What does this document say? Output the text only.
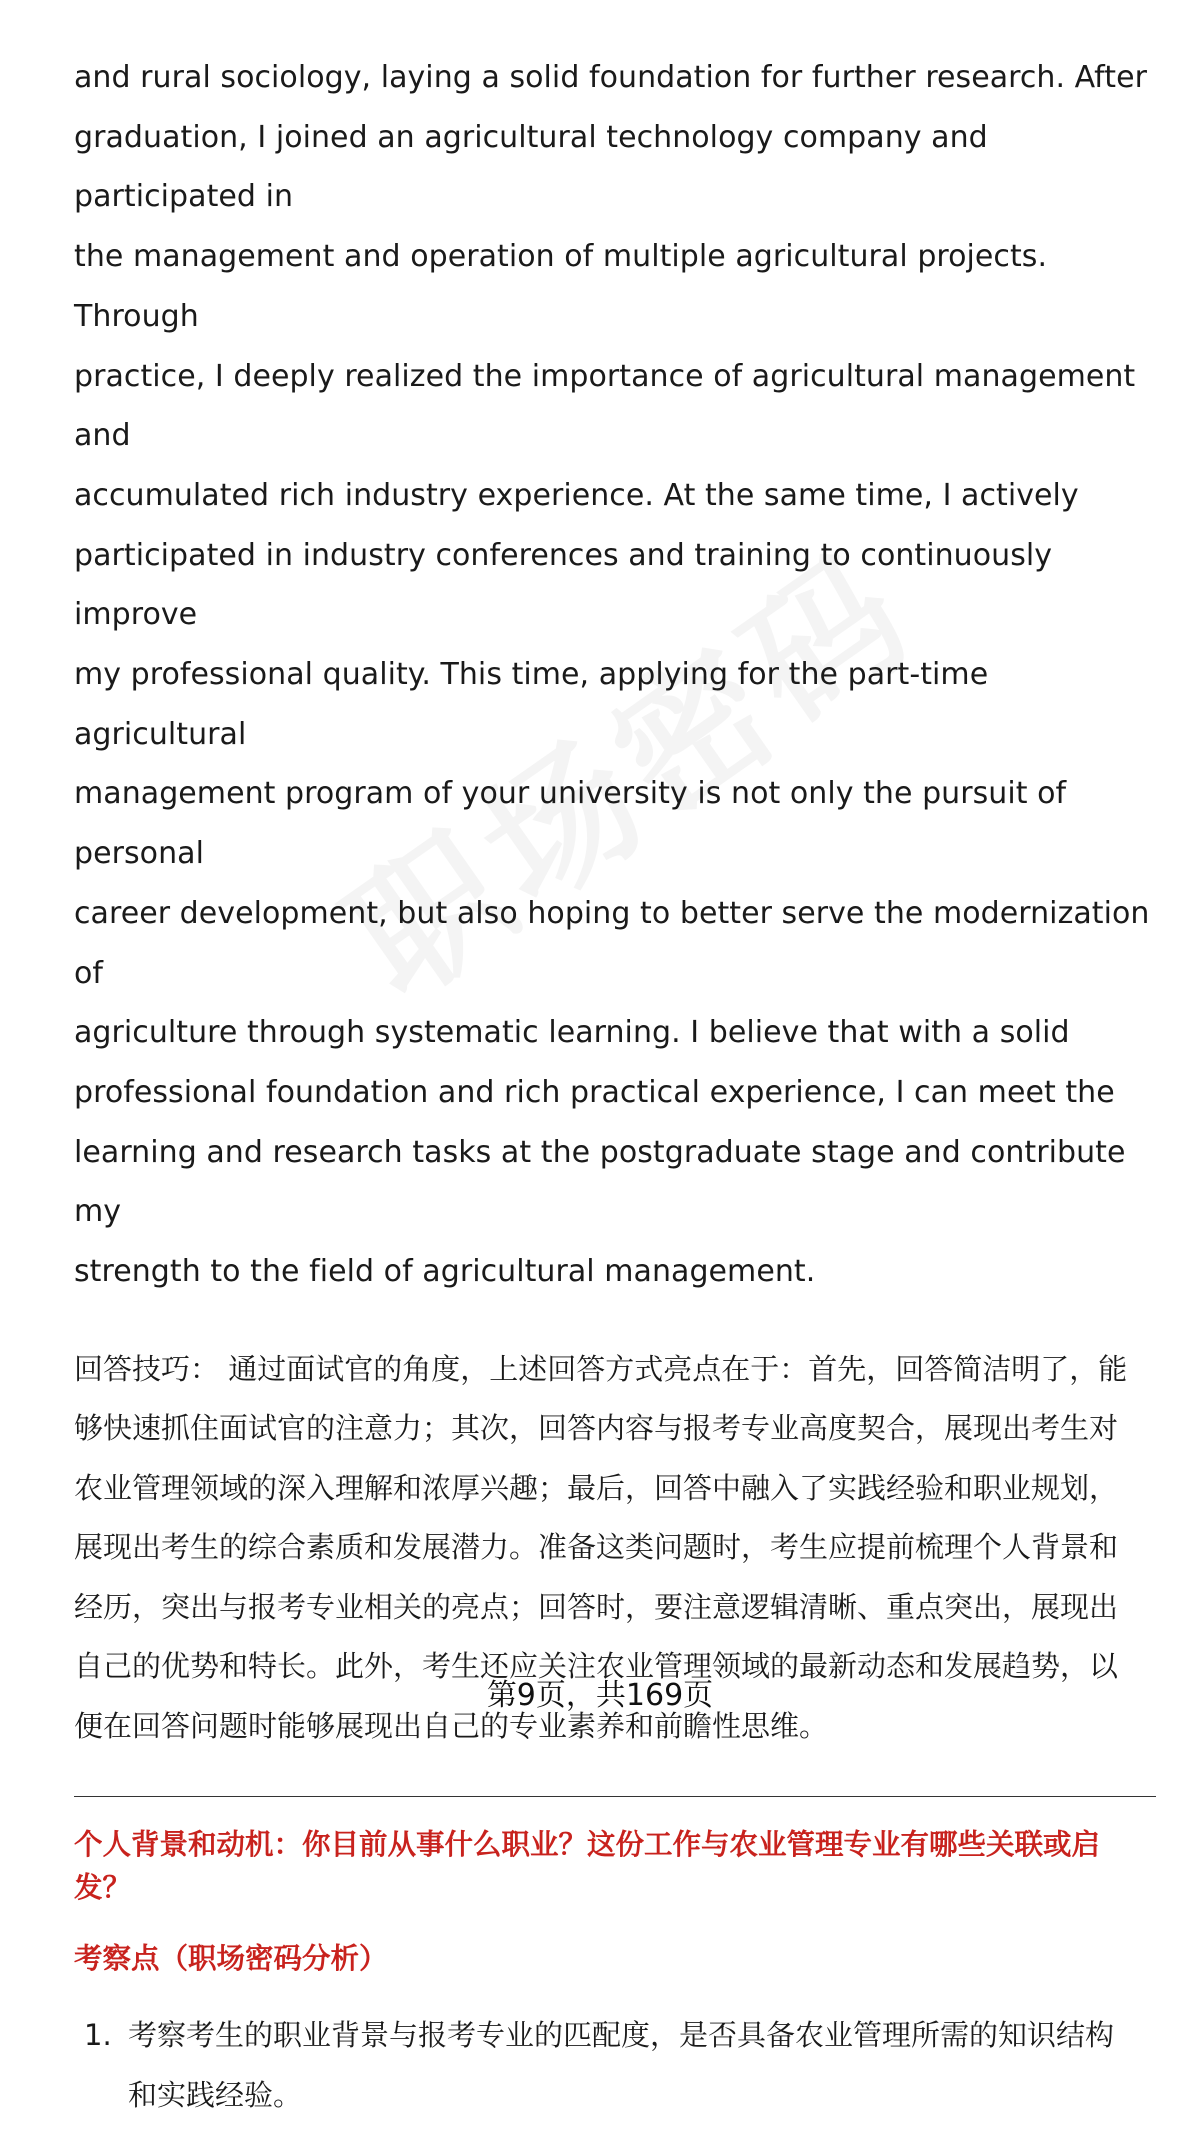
and rural sociology, laying a solid foundation for further research. After
graduation, I joined an agricultural technology company and participated in
the management and operation of multiple agricultural projects. Through
practice, I deeply realized the importance of agricultural management and
accumulated rich industry experience. At the same time, I actively
participated in industry conferences and training to continuously improve
my professional quality. This time, applying for the part-time agricultural
management program of your university is not only the pursuit of personal
career development, but also hoping to better serve the modernization of
agriculture through systematic learning. I believe that with a solid
professional foundation and rich practical experience, I can meet the
learning and research tasks at the postgraduate stage and contribute my
strength to the field of agricultural management.

回答技巧： 通过面试官的角度，上述回答方式亮点在于：首先，回答简洁明了，能
够快速抓住面试官的注意力；其次，回答内容与报考专业高度契合，展现出考生对
农业管理领域的深入理解和浓厚兴趣；最后，回答中融入了实践经验和职业规划，
展现出考生的综合素质和发展潜力。准备这类问题时，考生应提前梳理个人背景和
经历，突出与报考专业相关的亮点；回答时，要注意逻辑清晰、重点突出，展现出
自己的优势和特长。此外，考生还应关注农业管理领域的最新动态和发展趋势，以
便在回答问题时能够展现出自己的专业素养和前瞻性思维。

个人背景和动机：你目前从事什么职业？这份工作与农业管理专业有哪些关联或启
发？
考察点（职场密码分析）
1. 考察考生的职业背景与报考专业的匹配度，是否具备农业管理所需的知识结构
和实践经验。
第9页，共169页
